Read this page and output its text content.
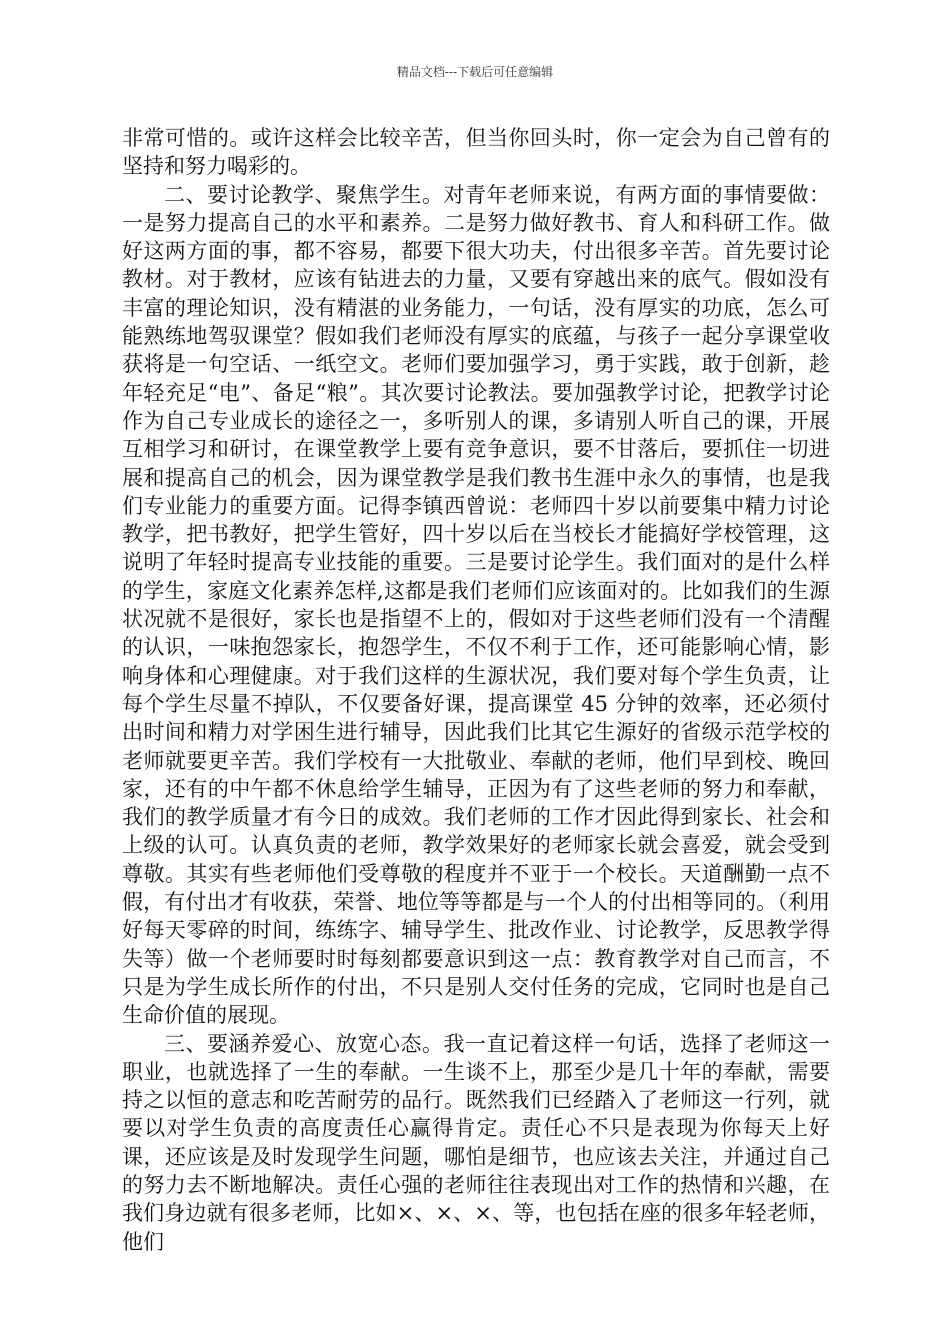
精品文档---下载后可任意编辑

非常可惜的。或许这样会比较辛苦，但当你回头时，你一定会为自己曾有的坚持和努力喝彩的。

二、要讨论教学、聚焦学生。对青年老师来说，有两方面的事情要做：一是努力提高自己的水平和素养。二是努力做好教书、育人和科研工作。做好这两方面的事，都不容易，都要下很大功夫，付出很多辛苦。首先要讨论教材。对于教材，应该有钻进去的力量，又要有穿越出来的底气。假如没有丰富的理论知识，没有精湛的业务能力，一句话，没有厚实的功底，怎么可能熟练地驾驭课堂？假如我们老师没有厚实的底蕴，与孩子一起分享课堂收获将是一句空话、一纸空文。老师们要加强学习，勇于实践，敢于创新，趁年轻充足“电”、备足“粮”。其次要讨论教法。要加强教学讨论，把教学讨论作为自己专业成长的途径之一，多听别人的课，多请别人听自己的课，开展互相学习和研讨，在课堂教学上要有竞争意识，要不甘落后，要抓住一切进展和提高自己的机会，因为课堂教学是我们教书生涯中永久的事情，也是我们专业能力的重要方面。记得李镇西曾说：老师四十岁以前要集中精力讨论教学，把书教好，把学生管好，四十岁以后在当校长才能搞好学校管理，这说明了年轻时提高专业技能的重要。三是要讨论学生。我们面对的是什么样的学生，家庭文化素养怎样,这都是我们老师们应该面对的。比如我们的生源状况就不是很好，家长也是指望不上的，假如对于这些老师们没有一个清醒的认识，一味抱怨家长，抱怨学生，不仅不利于工作，还可能影响心情，影响身体和心理健康。对于我们这样的生源状况，我们要对每个学生负责，让每个学生尽量不掉队，不仅要备好课，提高课堂 45 分钟的效率，还必须付出时间和精力对学困生进行辅导，因此我们比其它生源好的省级示范学校的老师就要更辛苦。我们学校有一大批敬业、奉献的老师，他们早到校、晚回家，还有的中午都不休息给学生辅导，正因为有了这些老师的努力和奉献，我们的教学质量才有今日的成效。我们老师的工作才因此得到家长、社会和上级的认可。认真负责的老师，教学效果好的老师家长就会喜爱，就会受到尊敬。其实有些老师他们受尊敬的程度并不亚于一个校长。天道酬勤一点不假，有付出才有收获，荣誉、地位等等都是与一个人的付出相等同的。（利用好每天零碎的时间，练练字、辅导学生、批改作业、讨论教学，反思教学得失等）做一个老师要时时每刻都要意识到这一点：教育教学对自己而言，不只是为学生成长所作的付出，不只是别人交付任务的完成，它同时也是自己生命价值的展现。

三、要涵养爱心、放宽心态。我一直记着这样一句话，选择了老师这一职业，也就选择了一生的奉献。一生谈不上，那至少是几十年的奉献，需要持之以恒的意志和吃苦耐劳的品行。既然我们已经踏入了老师这一行列，就要以对学生负责的高度责任心赢得肯定。责任心不只是表现为你每天上好课，还应该是及时发现学生问题，哪怕是细节，也应该去关注，并通过自己的努力去不断地解决。责任心强的老师往往表现出对工作的热情和兴趣，在我们身边就有很多老师，比如×、×、×、等，也包括在座的很多年轻老师，他们
